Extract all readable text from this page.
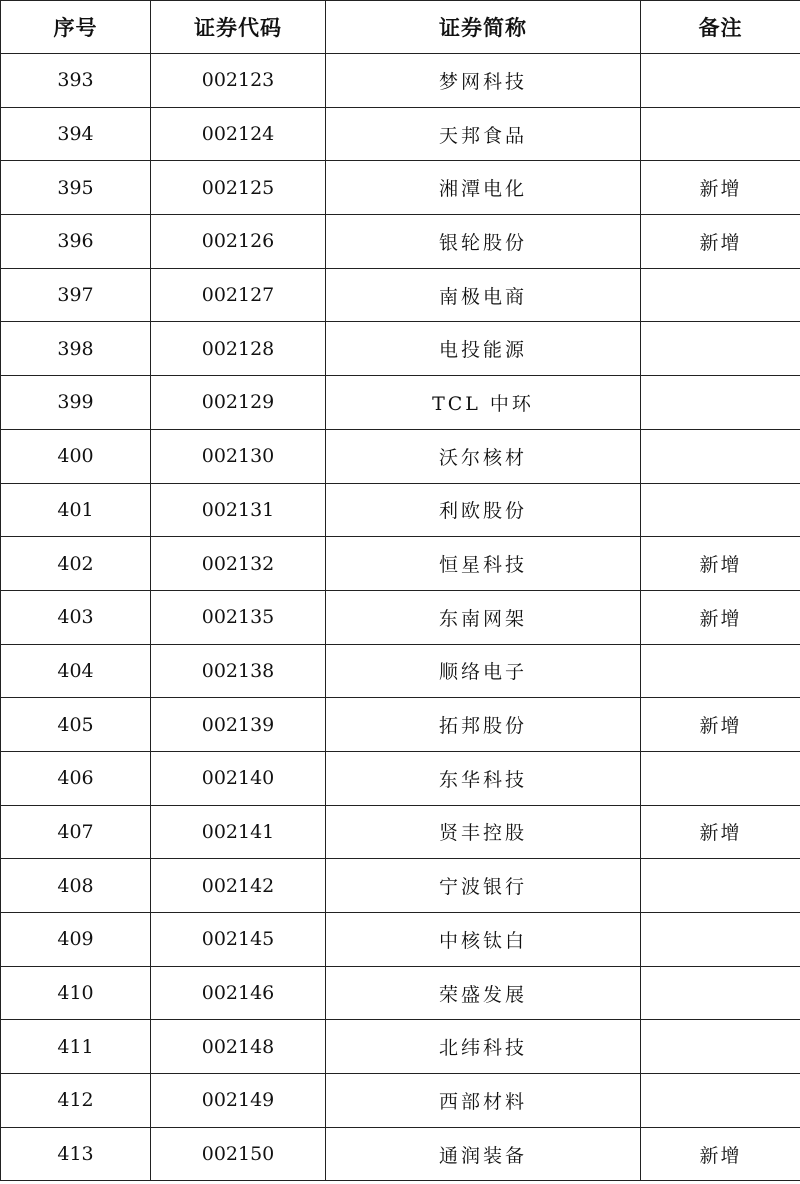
序号	证券代码	证券简称	备注
393	002123	梦网科技	
394	002124	天邦食品	
395	002125	湘潭电化	新增
396	002126	银轮股份	新增
397	002127	南极电商	
398	002128	电投能源	
399	002129	TCL 中环	
400	002130	沃尔核材	
401	002131	利欧股份	
402	002132	恒星科技	新增
403	002135	东南网架	新增
404	002138	顺络电子	
405	002139	拓邦股份	新增
406	002140	东华科技	
407	002141	贤丰控股	新增
408	002142	宁波银行	
409	002145	中核钛白	
410	002146	荣盛发展	
411	002148	北纬科技	
412	002149	西部材料	
413	002150	通润装备	新增
